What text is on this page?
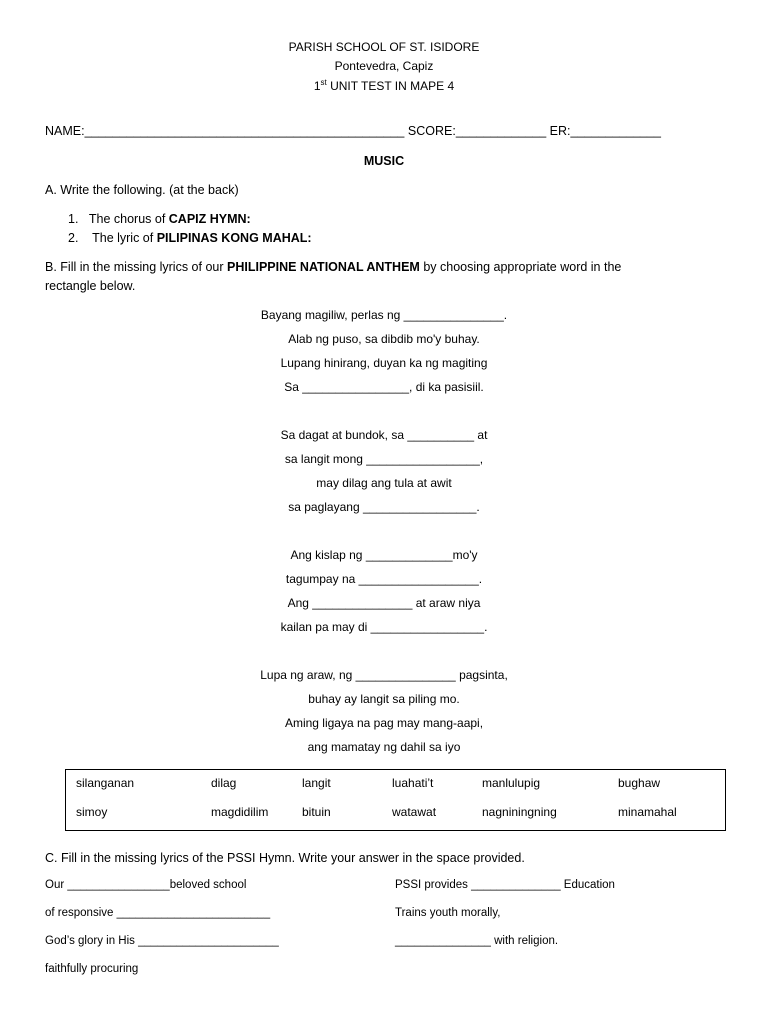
PARISH SCHOOL OF ST. ISIDORE
Pontevedra, Capiz
1st UNIT TEST IN MAPE 4
NAME:______________________________________________ SCORE:_____________ ER:_____________
MUSIC
A. Write the following. (at the back)
1. The chorus of CAPIZ HYMN:
2.    The lyric of PILIPINAS KONG MAHAL:
B. Fill in the missing lyrics of our PHILIPPINE NATIONAL ANTHEM by choosing appropriate word in the
rectangle below.
Bayang magiliw, perlas ng _______________.
Alab ng puso, sa dibdib mo'y buhay.
Lupang hinirang, duyan ka ng magiting
Sa ________________, di ka pasisiil.
Sa dagat at bundok, sa __________ at
sa langit mong _________________,
may dilag ang tula at awit
sa paglayang _________________.
Ang kislap ng _____________mo'y
tagumpay na __________________.
Ang _______________ at araw niya
kailan pa may di _________________.
Lupa ng araw, ng _______________ pagsinta,
buhay ay langit sa piling mo.
Aming ligaya na pag may mang-aapi,
ang mamatay ng dahil sa iyo
silanganan	dilag	langit	luahati’t	manlulupig	bughaw
simoy	magdidilim	bituin	watawat	nagniningning	minamahal
C. Fill in the missing lyrics of the PSSI Hymn. Write your answer in the space provided.
Our ________________beloved school
of responsive ________________________
God’s glory in His ______________________
faithfully procuring
PSSI provides ______________ Education
Trains youth morally,
_______________ with religion.
